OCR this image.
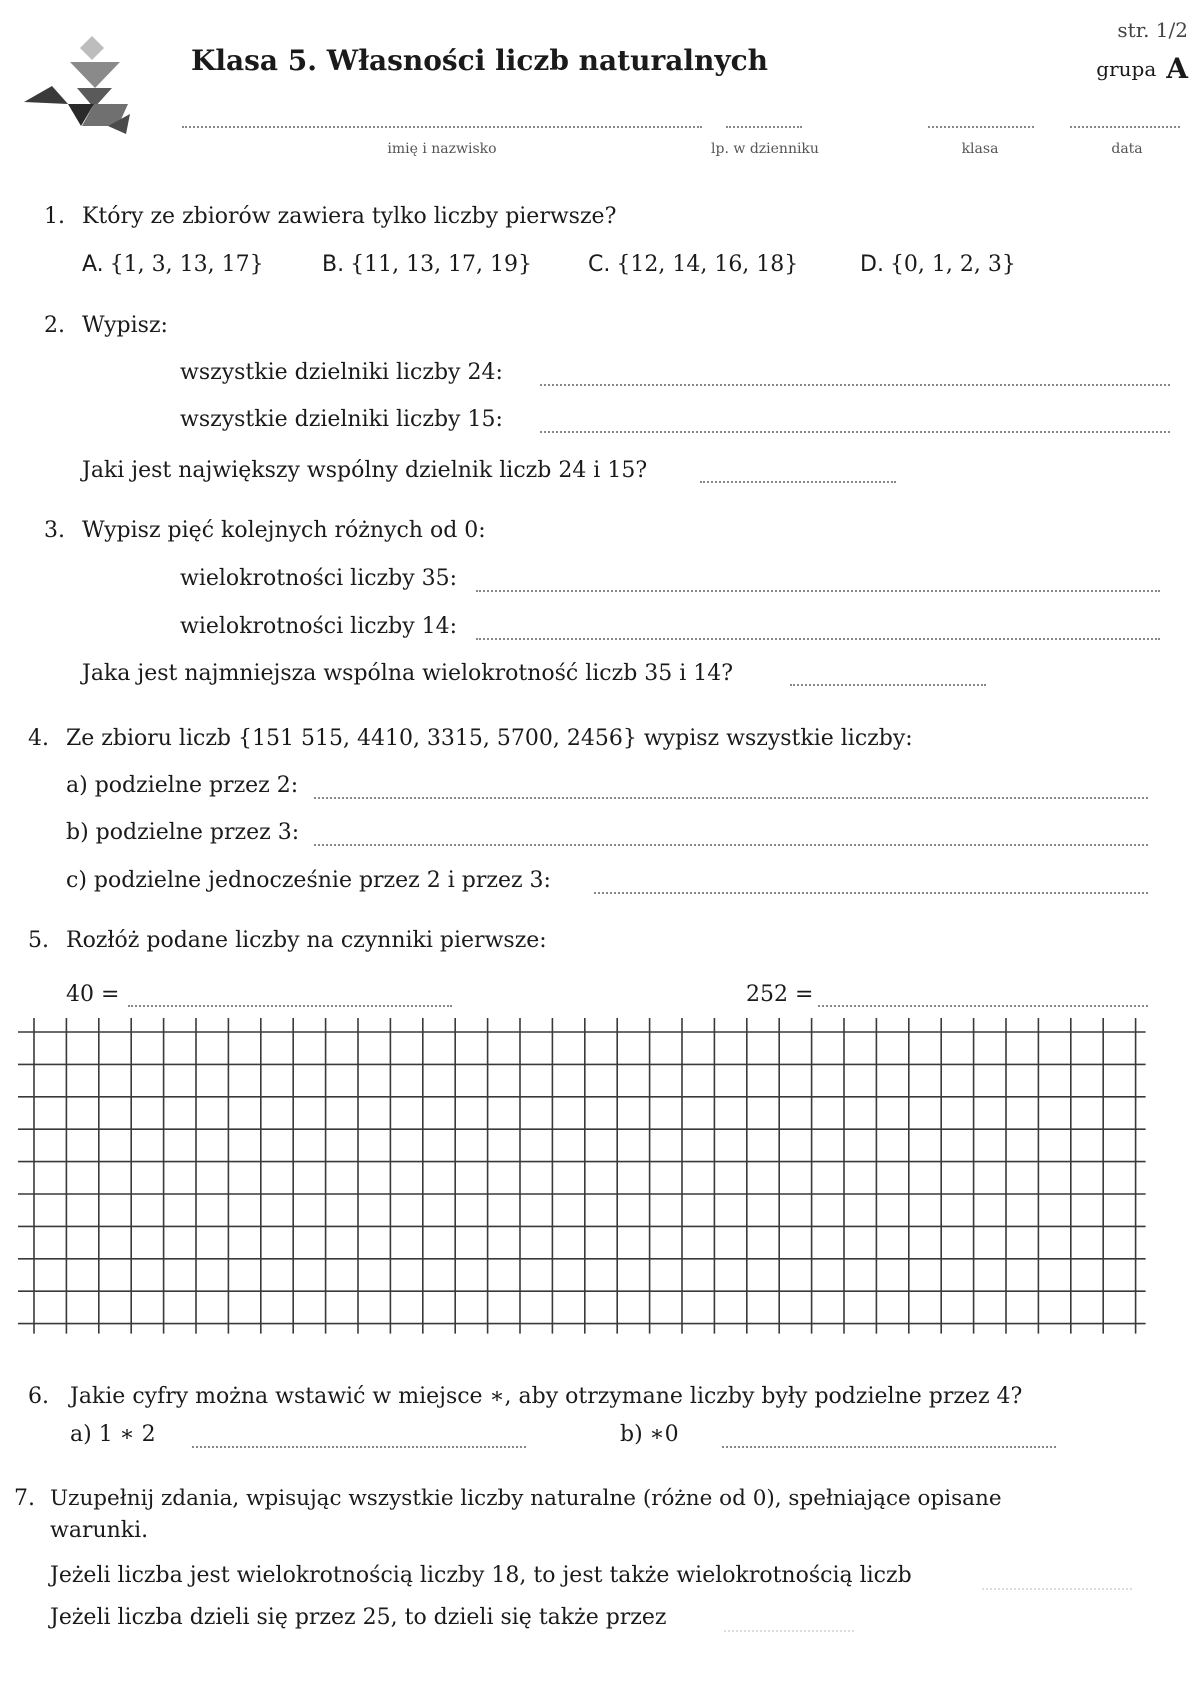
Klasa 5. Własności liczb naturalnych
str. 1/2
grupa A
imię i nazwisko	lp. w dzienniku	klasa	data
1. Który ze zbiorów zawiera tylko liczby pierwsze?
A. {1, 3, 13, 17}	B. {11, 13, 17, 19}	C. {12, 14, 16, 18}	D. {0, 1, 2, 3}
2. Wypisz:
wszystkie dzielniki liczby 24:
wszystkie dzielniki liczby 15:
Jaki jest największy wspólny dzielnik liczb 24 i 15?
3. Wypisz pięć kolejnych różnych od 0:
wielokrotności liczby 35:
wielokrotności liczby 14:
Jaka jest najmniejsza wspólna wielokrotność liczb 35 i 14?
4. Ze zbioru liczb {151 515, 4410, 3315, 5700, 2456} wypisz wszystkie liczby:
a) podzielne przez 2:
b) podzielne przez 3:
c) podzielne jednocześnie przez 2 i przez 3:
5. Rozłóż podane liczby na czynniki pierwsze:
40 =	252 =
6. Jakie cyfry można wstawić w miejsce ∗, aby otrzymane liczby były podzielne przez 4?
a) 1 ∗ 2	b) ∗0
7. Uzupełnij zdania, wpisując wszystkie liczby naturalne (różne od 0), spełniające opisane
warunki.
Jeżeli liczba jest wielokrotnością liczby 18, to jest także wielokrotnością liczb
Jeżeli liczba dzieli się przez 25, to dzieli się także przez
